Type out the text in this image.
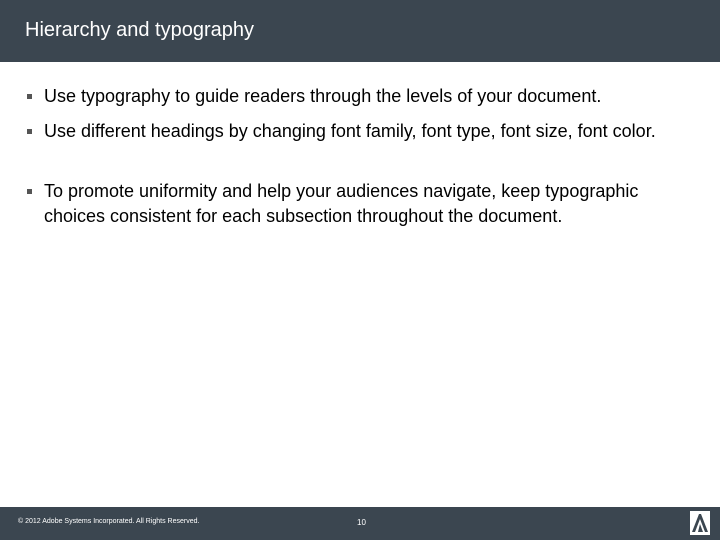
Hierarchy and typography
Use typography to guide readers through the levels of your document.
Use different headings by changing font family, font type, font size, font color.
To promote uniformity and help your audiences navigate, keep typographic choices consistent for each subsection throughout the document.
© 2012 Adobe Systems Incorporated. All Rights Reserved.	10
